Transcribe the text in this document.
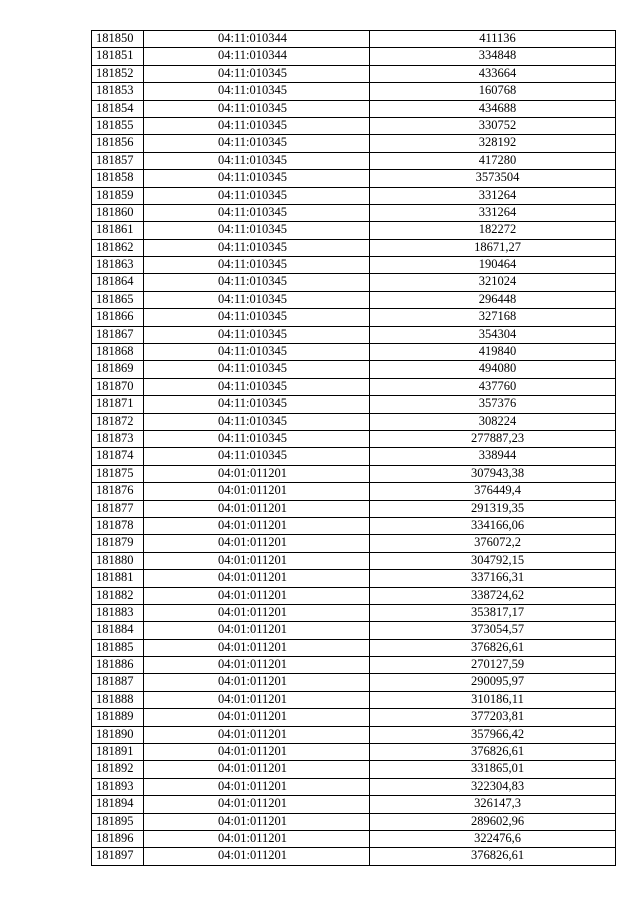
181850	04:11:010344	411136
181851	04:11:010344	334848
181852	04:11:010345	433664
181853	04:11:010345	160768
181854	04:11:010345	434688
181855	04:11:010345	330752
181856	04:11:010345	328192
181857	04:11:010345	417280
181858	04:11:010345	3573504
181859	04:11:010345	331264
181860	04:11:010345	331264
181861	04:11:010345	182272
181862	04:11:010345	18671,27
181863	04:11:010345	190464
181864	04:11:010345	321024
181865	04:11:010345	296448
181866	04:11:010345	327168
181867	04:11:010345	354304
181868	04:11:010345	419840
181869	04:11:010345	494080
181870	04:11:010345	437760
181871	04:11:010345	357376
181872	04:11:010345	308224
181873	04:11:010345	277887,23
181874	04:11:010345	338944
181875	04:01:011201	307943,38
181876	04:01:011201	376449,4
181877	04:01:011201	291319,35
181878	04:01:011201	334166,06
181879	04:01:011201	376072,2
181880	04:01:011201	304792,15
181881	04:01:011201	337166,31
181882	04:01:011201	338724,62
181883	04:01:011201	353817,17
181884	04:01:011201	373054,57
181885	04:01:011201	376826,61
181886	04:01:011201	270127,59
181887	04:01:011201	290095,97
181888	04:01:011201	310186,11
181889	04:01:011201	377203,81
181890	04:01:011201	357966,42
181891	04:01:011201	376826,61
181892	04:01:011201	331865,01
181893	04:01:011201	322304,83
181894	04:01:011201	326147,3
181895	04:01:011201	289602,96
181896	04:01:011201	322476,6
181897	04:01:011201	376826,61
